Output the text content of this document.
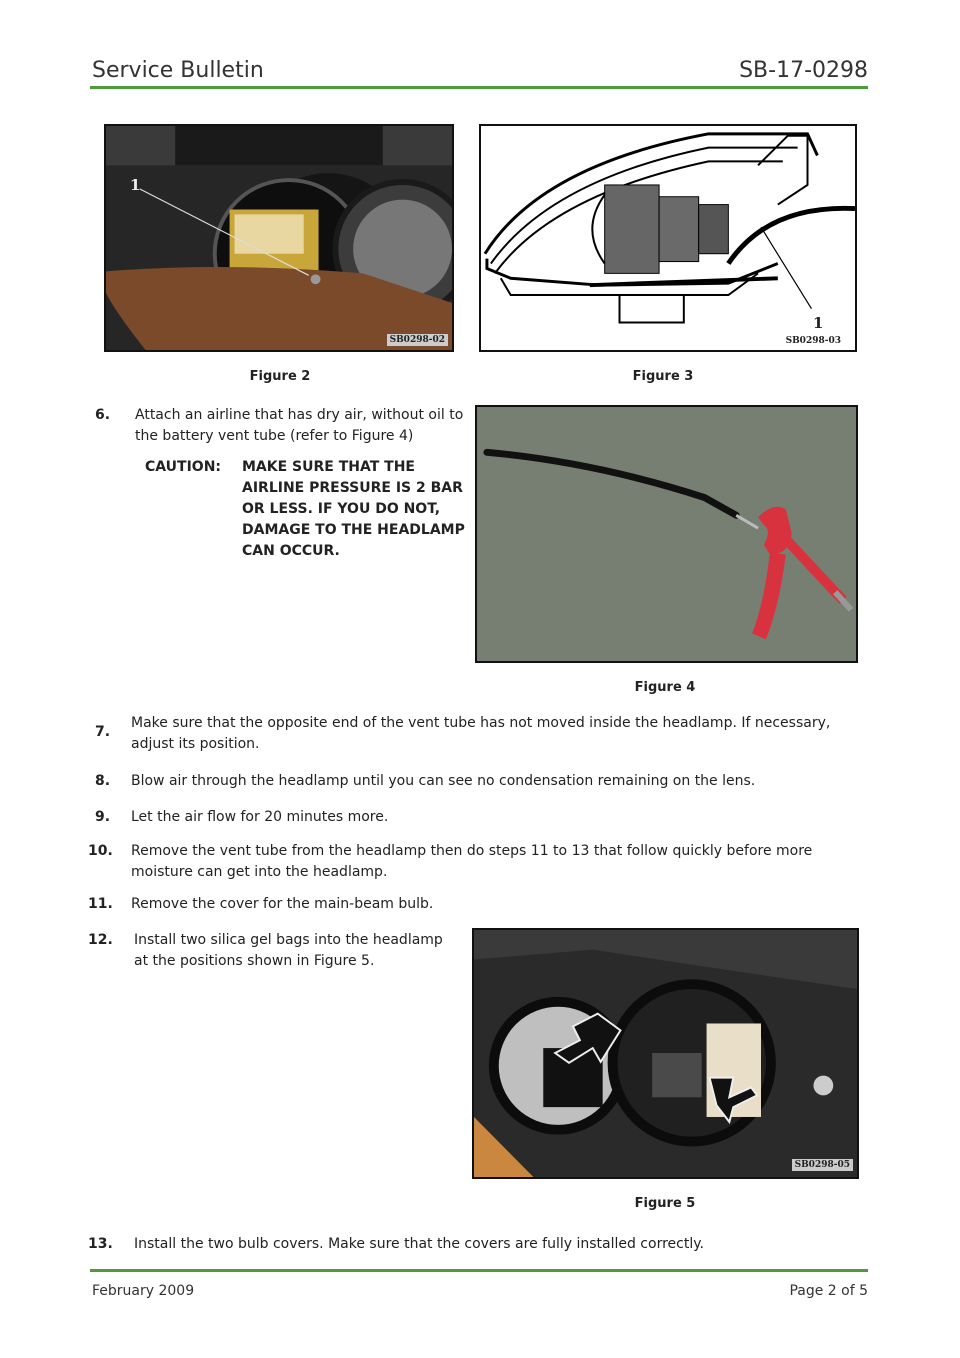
Service Bulletin	SB-17-0298
1
SB0298-02
Figure 2
1
SB0298-03
Figure 3
6.	Attach an airline that has dry air, without oil to the battery vent tube (refer to Figure 4)
CAUTION:	MAKE SURE THAT THE AIRLINE PRESSURE IS 2 BAR OR LESS. IF YOU DO NOT, DAMAGE TO THE HEADLAMP CAN OCCUR.
Figure 4
7.
Make sure that the opposite end of the vent tube has not moved inside the headlamp. If necessary, adjust its position.
8.	Blow air through the headlamp until you can see no condensation remaining on the lens.
9.	Let the air flow for 20 minutes more.
10.	Remove the vent tube from the headlamp then do steps 11 to 13 that follow quickly before more moisture can get into the headlamp.
11.	Remove the cover for the main-beam bulb.
12.	Install two silica gel bags into the headlamp at the positions shown in Figure 5.
SB0298-05
Figure 5
13.	Install the two bulb covers. Make sure that the covers are fully installed correctly.
February 2009	Page 2 of 5
